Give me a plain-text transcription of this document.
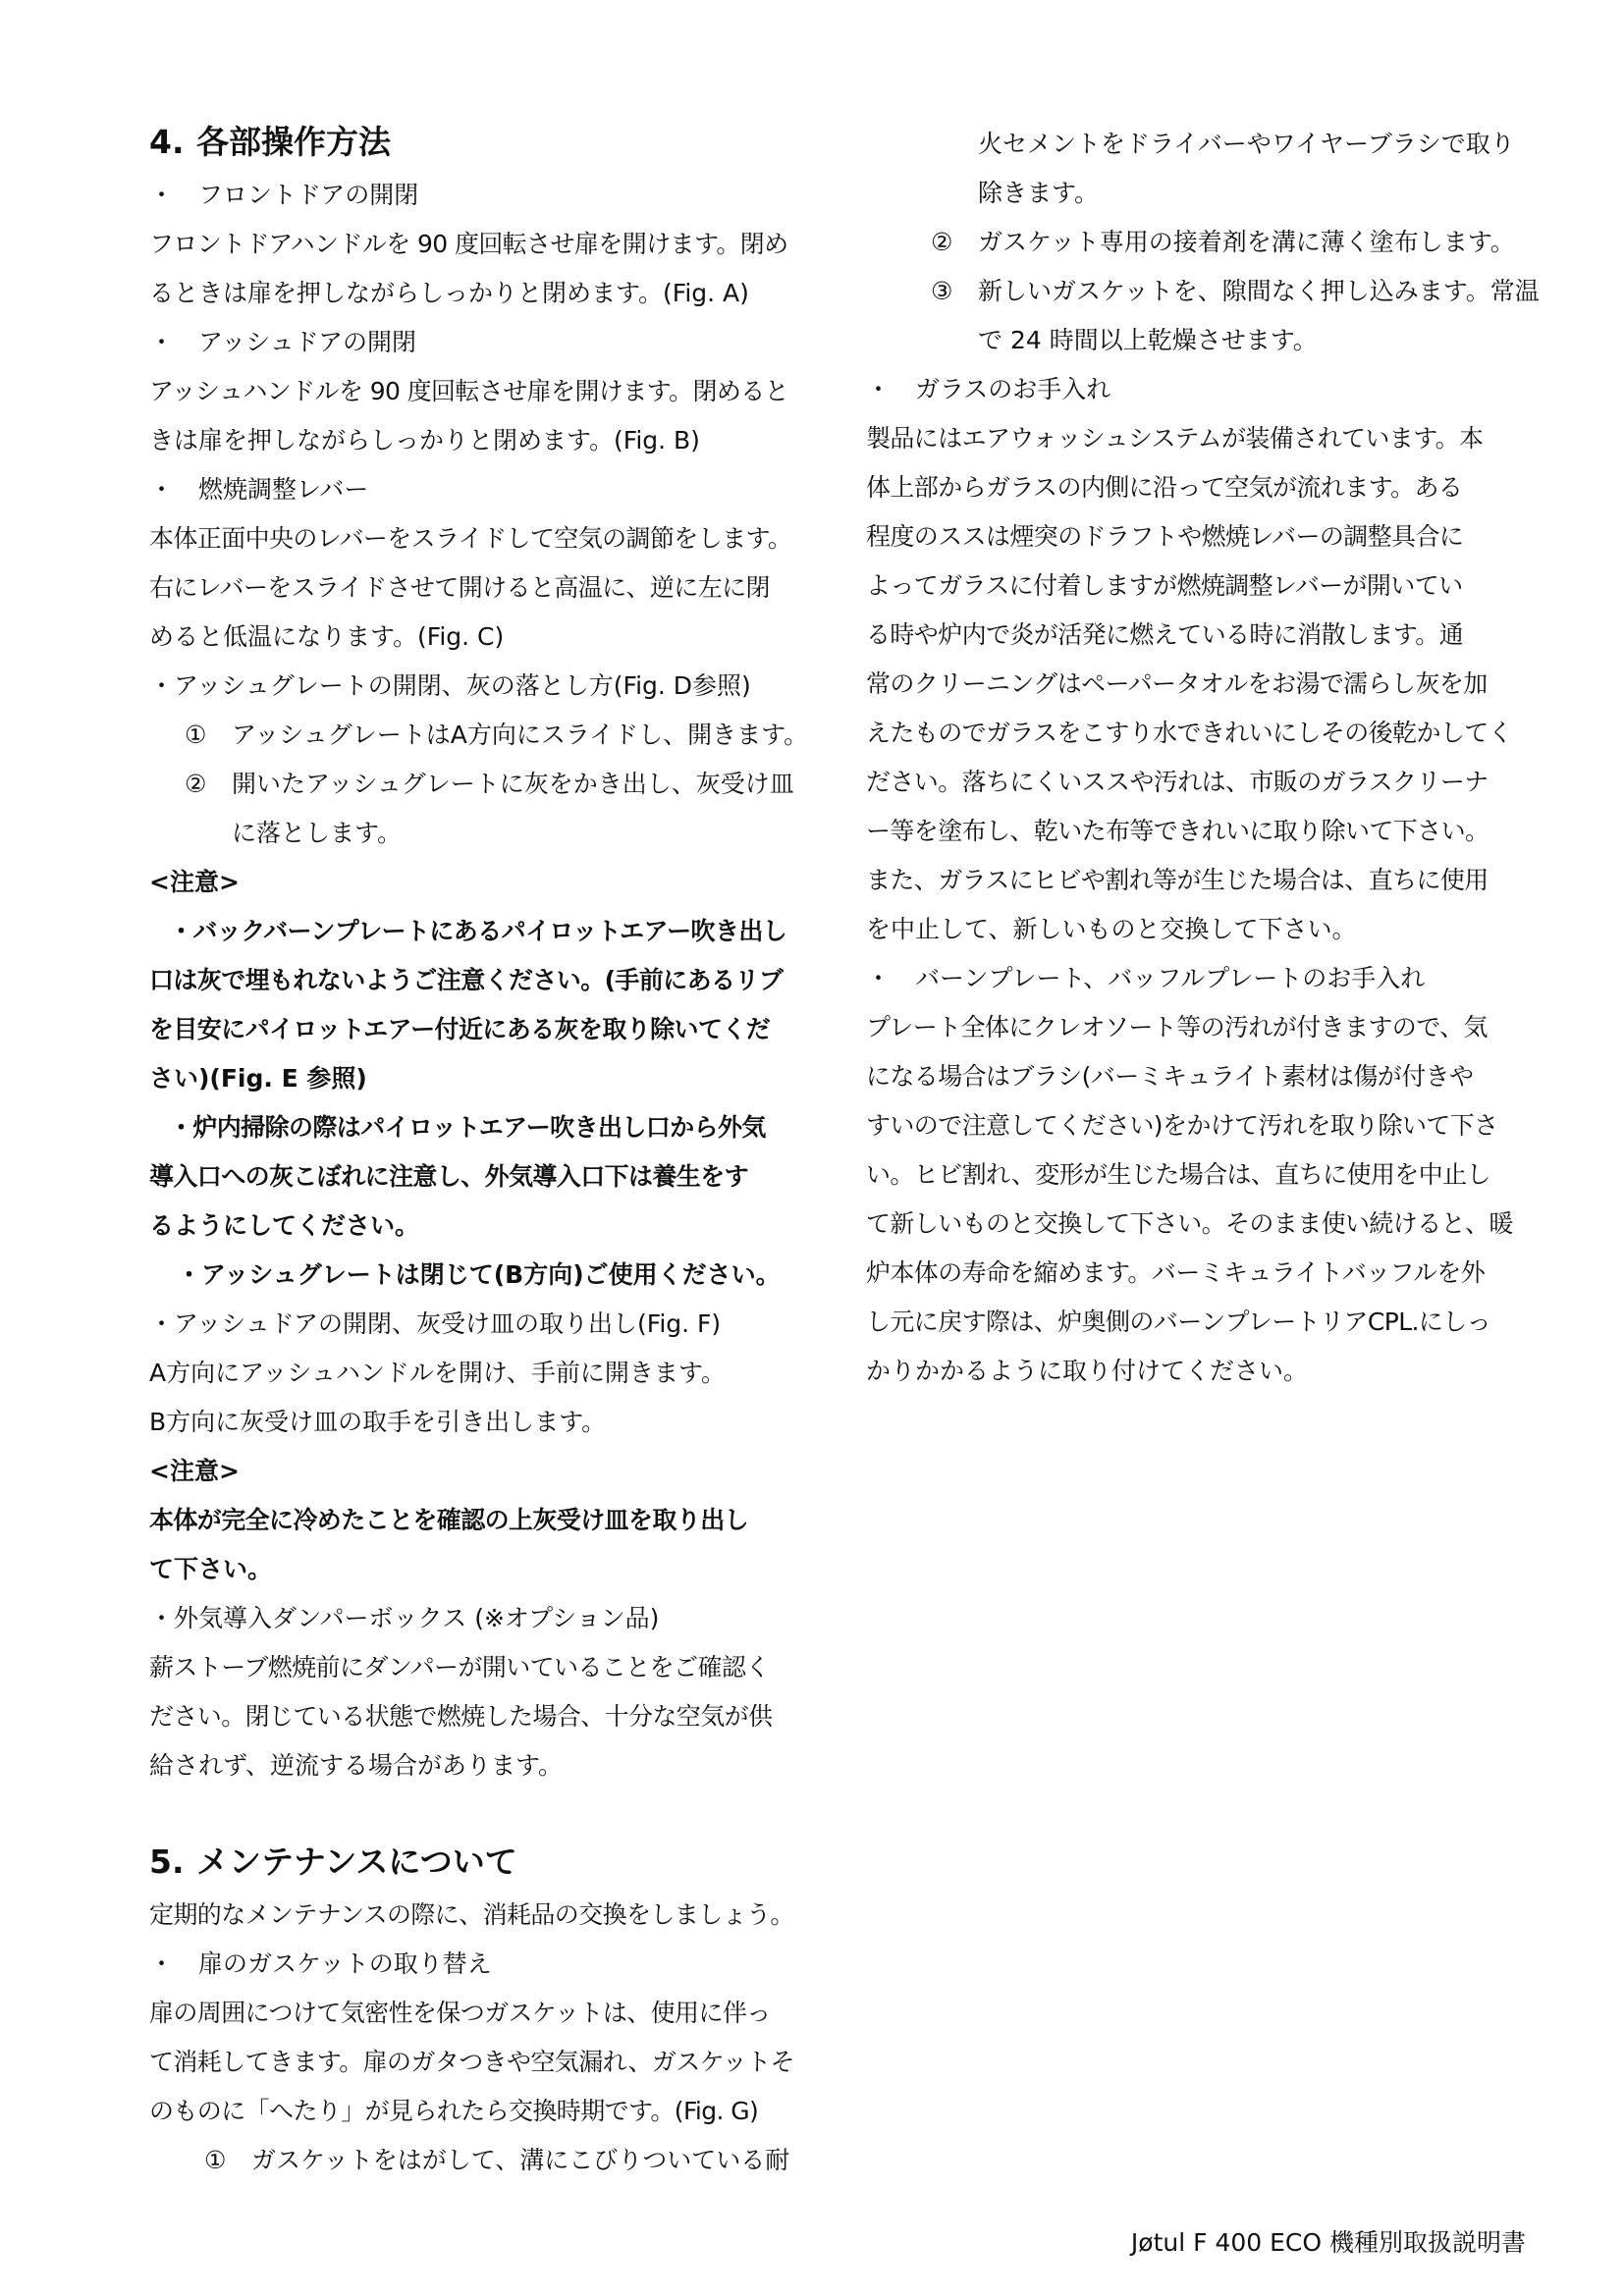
4. 各部操作方法
・ フロントドアの開閉
フロントドアハンドルを 90 度回転させ扉を開けます。閉め
るときは扉を押しながらしっかりと閉めます。(Fig. A)
・ アッシュドアの開閉
アッシュハンドルを 90 度回転させ扉を開けます。閉めると
きは扉を押しながらしっかりと閉めます。(Fig. B)
・ 燃焼調整レバー
本体正面中央のレバーをスライドして空気の調節をします。
右にレバーをスライドさせて開けると高温に、逆に左に閉
めると低温になります。(Fig. C)
・アッシュグレートの開閉、灰の落とし方(Fig. D参照)
① アッシュグレートはA方向にスライドし、開きます。
② 開いたアッシュグレートに灰をかき出し、灰受け皿
に落とします。
<注意>
・バックバーンプレートにあるパイロットエアー吹き出し
口は灰で埋もれないようご注意ください。(手前にあるリブ
を目安にパイロットエアー付近にある灰を取り除いてくだ
さい)(Fig. E 参照)
・炉内掃除の際はパイロットエアー吹き出し口から外気
導入口への灰こぼれに注意し、外気導入口下は養生をす
るようにしてください。
・アッシュグレートは閉じて(B方向)ご使用ください。
・アッシュドアの開閉、灰受け皿の取り出し(Fig. F)
A方向にアッシュハンドルを開け、手前に開きます。
B方向に灰受け皿の取手を引き出します。
<注意>
本体が完全に冷めたことを確認の上灰受け皿を取り出し
て下さい。
・外気導入ダンパーボックス (※オプション品)
薪ストーブ燃焼前にダンパーが開いていることをご確認く
ださい。閉じている状態で燃焼した場合、十分な空気が供
給されず、逆流する場合があります。
5. メンテナンスについて
定期的なメンテナンスの際に、消耗品の交換をしましょう。
・ 扉のガスケットの取り替え
扉の周囲につけて気密性を保つガスケットは、使用に伴っ
て消耗してきます。扉のガタつきや空気漏れ、ガスケットそ
のものに「へたり」が見られたら交換時期です。(Fig. G)
① ガスケットをはがして、溝にこびりついている耐
火セメントをドライバーやワイヤーブラシで取り
除きます。
② ガスケット専用の接着剤を溝に薄く塗布します。
③ 新しいガスケットを、隙間なく押し込みます。常温
で 24 時間以上乾燥させます。
・ ガラスのお手入れ
製品にはエアウォッシュシステムが装備されています。本
体上部からガラスの内側に沿って空気が流れます。ある
程度のススは煙突のドラフトや燃焼レバーの調整具合に
よってガラスに付着しますが燃焼調整レバーが開いてい
る時や炉内で炎が活発に燃えている時に消散します。通
常のクリーニングはペーパータオルをお湯で濡らし灰を加
えたものでガラスをこすり水できれいにしその後乾かしてく
ださい。落ちにくいススや汚れは、市販のガラスクリーナ
ー等を塗布し、乾いた布等できれいに取り除いて下さい。
また、ガラスにヒビや割れ等が生じた場合は、直ちに使用
を中止して、新しいものと交換して下さい。
・ バーンプレート、バッフルプレートのお手入れ
プレート全体にクレオソート等の汚れが付きますので、気
になる場合はブラシ(バーミキュライト素材は傷が付きや
すいので注意してください)をかけて汚れを取り除いて下さ
い。ヒビ割れ、変形が生じた場合は、直ちに使用を中止し
て新しいものと交換して下さい。そのまま使い続けると、暖
炉本体の寿命を縮めます。バーミキュライトバッフルを外
し元に戻す際は、炉奥側のバーンプレートリアCPL.にしっ
かりかかるように取り付けてください。
Jøtul F 400 ECO 機種別取扱説明書
